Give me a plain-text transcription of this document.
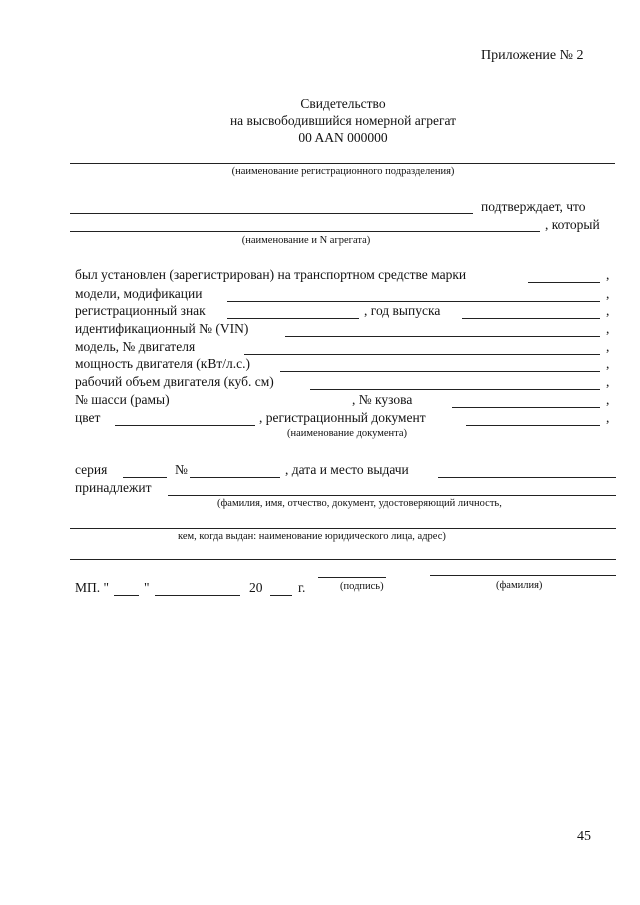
Приложение № 2
Свидетельство
на высвободившийся номерной агрегат
00 AAN 000000
(наименование регистрационного подразделения)
подтверждает, что
, который
(наименование и N агрегата)
был установлен (зарегистрирован) на транспортном средстве марки	,
модели, модификации	,
регистрационный знак	, год выпуска	,
идентификационный № (VIN)	,
модель, № двигателя	,
мощность двигателя (кВт/л.с.)	,
рабочий объем двигателя (куб. см)	,
№ шасси (рамы)	, № кузова	,
цвет	, регистрационный документ	,
(наименование документа)
серия	№	, дата и место выдачи
принадлежит
(фамилия, имя, отчество, документ, удостоверяющий личность,
кем, когда выдан: наименование юридического лица, адрес)
МП. "	"	20	г.	(подпись)	(фамилия)
45
